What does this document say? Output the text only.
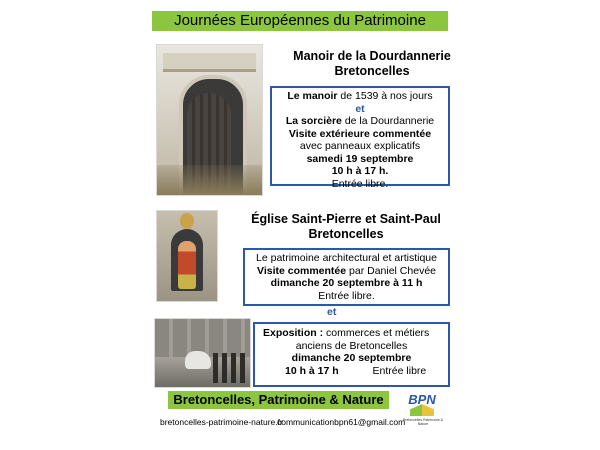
Journées Européennes du Patrimoine
Manoir de la Dourdannerie
Bretoncelles
Le manoir de 1539 à nos jours
et
La sorcière de la Dourdannerie
Visite extérieure commentée
avec panneaux explicatifs
samedi 19 septembre
10 h à 17 h.
Entrée libre.
Église Saint-Pierre et Saint-Paul
Bretoncelles
Le patrimoine architectural et artistique
Visite commentée par Daniel Chevée
dimanche 20 septembre à 11 h
Entrée libre.
et
Exposition : commerces et métiers
anciens de Bretoncelles
dimanche 20 septembre
10 h à 17 h	Entrée libre
Bretoncelles, Patrimoine & Nature	BPN
Bretoncelles Patrimoine & Nature
bretoncelles-patrimoine-nature.fr
communicationbpn61@gmail.com
